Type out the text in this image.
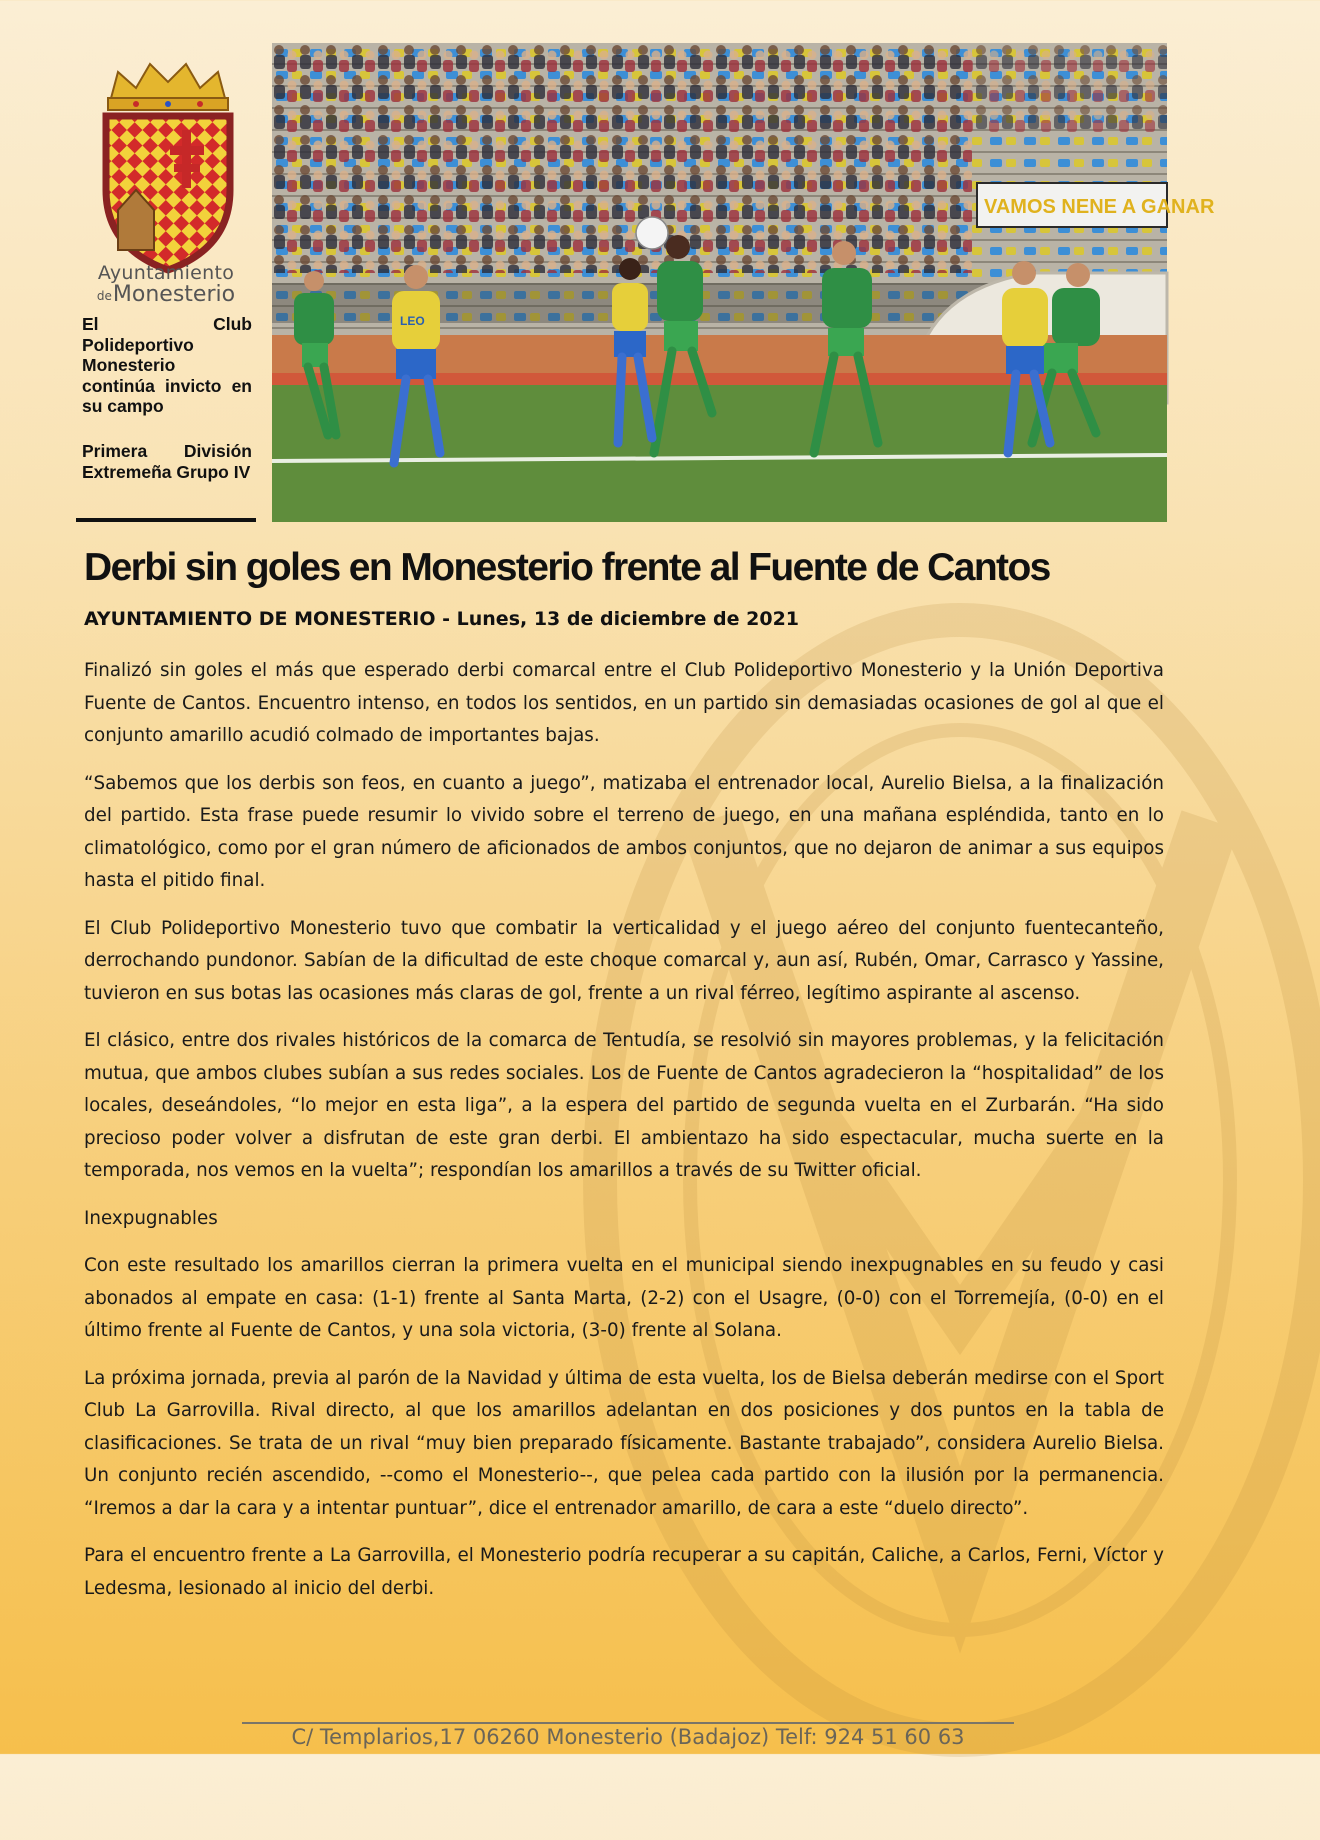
Ayuntamiento
deMonesterio
El Club Polideportivo Monesterio continúa invicto en su campo
Primera División Extremeña Grupo IV
VAMOS NENE A GANAR
LEO
Derbi sin goles en Monesterio frente al Fuente de Cantos

AYUNTAMIENTO DE MONESTERIO - Lunes, 13 de diciembre de 2021

Finalizó sin goles el más que esperado derbi comarcal entre el Club Polideportivo Monesterio y la Unión Deportiva Fuente de Cantos. Encuentro intenso, en todos los sentidos, en un partido sin demasiadas ocasiones de gol al que el conjunto amarillo acudió colmado de importantes bajas.

“Sabemos que los derbis son feos, en cuanto a juego”, matizaba el entrenador local, Aurelio Bielsa, a la finalización del partido. Esta frase puede resumir lo vivido sobre el terreno de juego, en una mañana espléndida, tanto en lo climatológico, como por el gran número de aficionados de ambos conjuntos, que no dejaron de animar a sus equipos hasta el pitido final.

El Club Polideportivo Monesterio tuvo que combatir la verticalidad y el juego aéreo del conjunto fuentecanteño, derrochando pundonor. Sabían de la dificultad de este choque comarcal y, aun así, Rubén, Omar, Carrasco y Yassine, tuvieron en sus botas las ocasiones más claras de gol, frente a un rival férreo, legítimo aspirante al ascenso.

El clásico, entre dos rivales históricos de la comarca de Tentudía, se resolvió sin mayores problemas, y la felicitación mutua, que ambos clubes subían a sus redes sociales. Los de Fuente de Cantos agradecieron la “hospitalidad” de los locales, deseándoles, “lo mejor en esta liga”, a la espera del partido de segunda vuelta en el Zurbarán. “Ha sido precioso poder volver a disfrutan de este gran derbi. El ambientazo ha sido espectacular, mucha suerte en la temporada, nos vemos en la vuelta”; respondían los amarillos a través de su Twitter oficial.

Inexpugnables

Con este resultado los amarillos cierran la primera vuelta en el municipal siendo inexpugnables en su feudo y casi abonados al empate en casa: (1-1) frente al Santa Marta, (2-2) con el Usagre, (0-0) con el Torremejía, (0-0) en el último frente al Fuente de Cantos, y una sola victoria, (3-0) frente al Solana.

La próxima jornada, previa al parón de la Navidad y última de esta vuelta, los de Bielsa deberán medirse con el Sport Club La Garrovilla. Rival directo, al que los amarillos adelantan en dos posiciones y dos puntos en la tabla de clasificaciones. Se trata de un rival “muy bien preparado físicamente. Bastante trabajado”, considera Aurelio Bielsa. Un conjunto recién ascendido, --como el Monesterio--, que pelea cada partido con la ilusión por la permanencia. “Iremos a dar la cara y a intentar puntuar”, dice el entrenador amarillo, de cara a este “duelo directo”.

Para el encuentro frente a La Garrovilla, el Monesterio podría recuperar a su capitán, Caliche, a Carlos, Ferni, Víctor y Ledesma, lesionado al inicio del derbi.

C/ Templarios,17 06260 Monesterio (Badajoz) Telf: 924 51 60 63
